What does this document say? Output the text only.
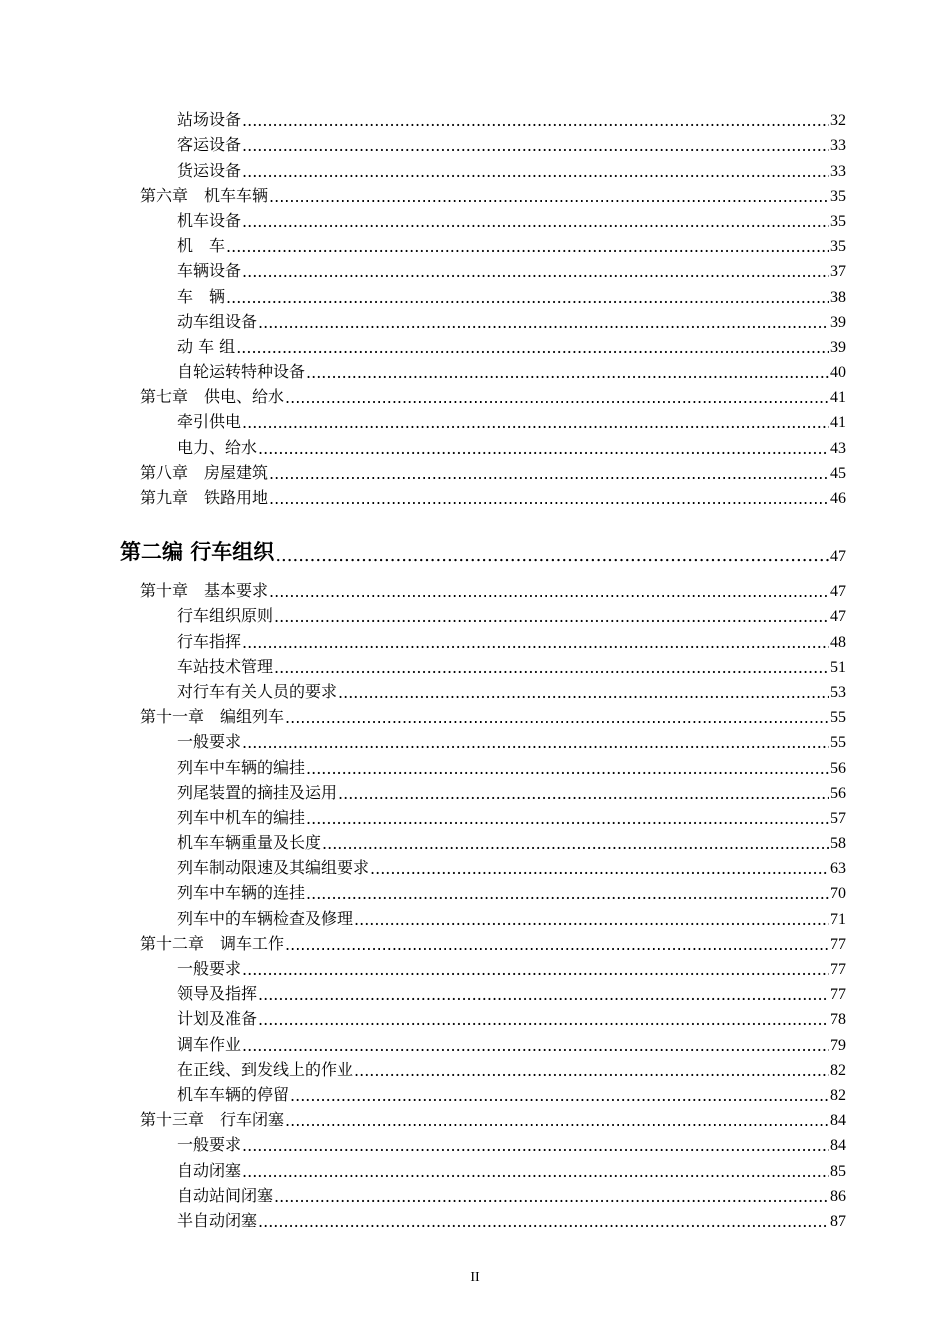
站场设备 .....	32
客运设备 .....	33
货运设备 .....	33
第六章　机车车辆 .....	35
机车设备 .....	35
机　车 .....	35
车辆设备 .....	37
车　辆 .....	38
动车组设备 .....	39
动 车 组 .....	39
自轮运转特种设备 .....	40
第七章　供电、给水 .....	41
牵引供电 .....	41
电力、给水 .....	43
第八章　房屋建筑 .....	45
第九章　铁路用地 .....	46
第二编 行车组织 .....	47
第十章　基本要求 .....	47
行车组织原则 .....	47
行车指挥 .....	48
车站技术管理 .....	51
对行车有关人员的要求 .....	53
第十一章　编组列车 .....	55
一般要求 .....	55
列车中车辆的编挂 .....	56
列尾装置的摘挂及运用 .....	56
列车中机车的编挂 .....	57
机车车辆重量及长度 .....	58
列车制动限速及其编组要求 .....	63
列车中车辆的连挂 .....	70
列车中的车辆检查及修理 .....	71
第十二章　调车工作 .....	77
一般要求 .....	77
领导及指挥 .....	77
计划及准备 .....	78
调车作业 .....	79
在正线、到发线上的作业 .....	82
机车车辆的停留 .....	82
第十三章　行车闭塞 .....	84
一般要求 .....	84
自动闭塞 .....	85
自动站间闭塞 .....	86
半自动闭塞 .....	87
II
